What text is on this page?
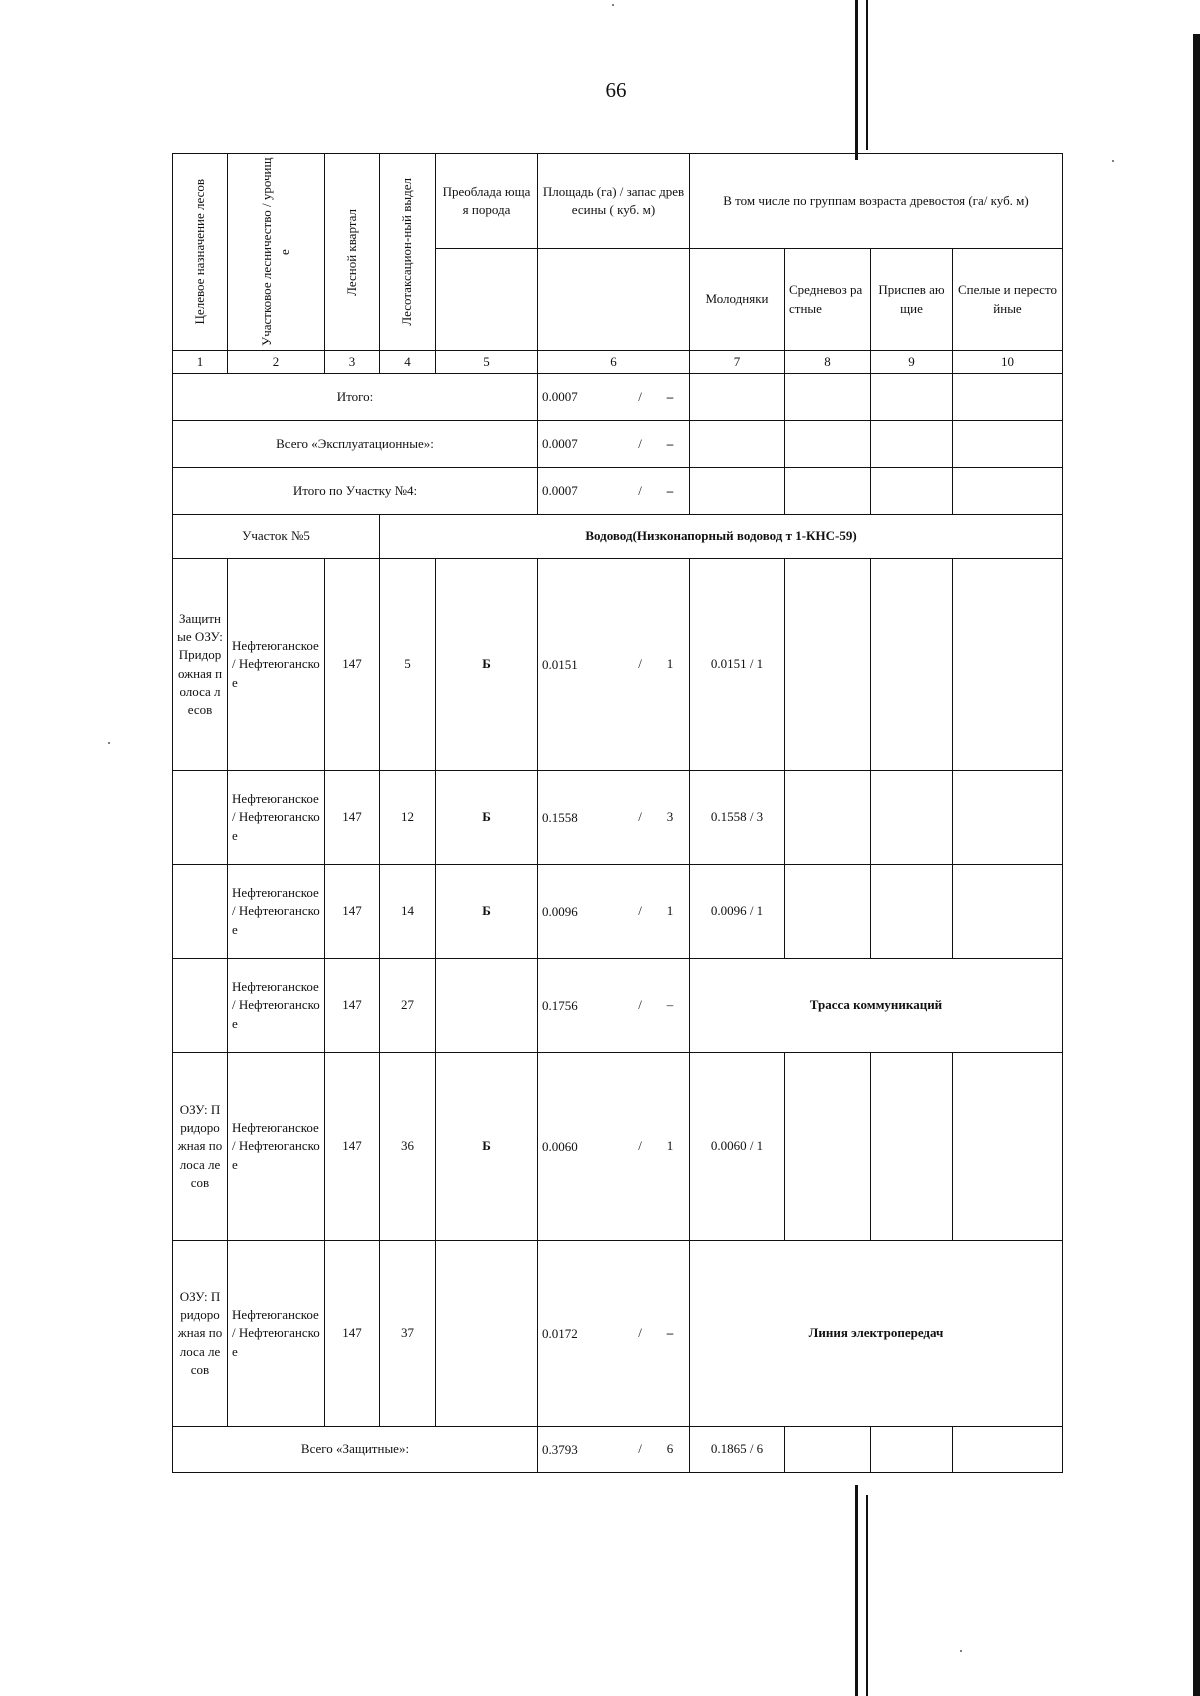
66
Целевое назначение лесов	Участковое лесничество / урочище	Лесной квартал	Лесотаксацион-ный выдел	Преоблада ющая порода	Площадь (га) / запас древесины ( куб. м)	В том числе по группам возраста древостоя (га/ куб. м)			
						Молодняки	Средневоз растные	Приспев ающие	Спелые и перестойные
1	2	3	4	5	6	7	8	9	10
Итого:					0.0007 / –				

Всего «Эксплуатационные»:					0.0007 / –				

Итого по Участку №4:					0.0007 / –				

Участок №5			Водовод(Низконапорный водовод т 1-КНС-59)						
Защитные ОЗУ: Придорожная полоса лесов	Нефтеюганское / Нефтеюганское	147	5	Б	0.0151 / 1	0.0151 / 1			
	Нефтеюганское / Нефтеюганское	147	12	Б	0.1558 / 3	0.1558 / 3			
	Нефтеюганское / Нефтеюганское	147	14	Б	0.0096 / 1	0.0096 / 1			
	Нефтеюганское / Нефтеюганское	147	27		0.1756 / –	Трасса коммуникаций			
ОЗУ: Придорожная полоса лесов	Нефтеюганское / Нефтеюганское	147	36	Б	0.0060 / 1	0.0060 / 1			
ОЗУ: Придорожная полоса лесов	Нефтеюганское / Нефтеюганское	147	37		0.0172 / –	Линия электропередач			
Всего «Защитные»:					0.3793 / 6	0.1865 / 6			
